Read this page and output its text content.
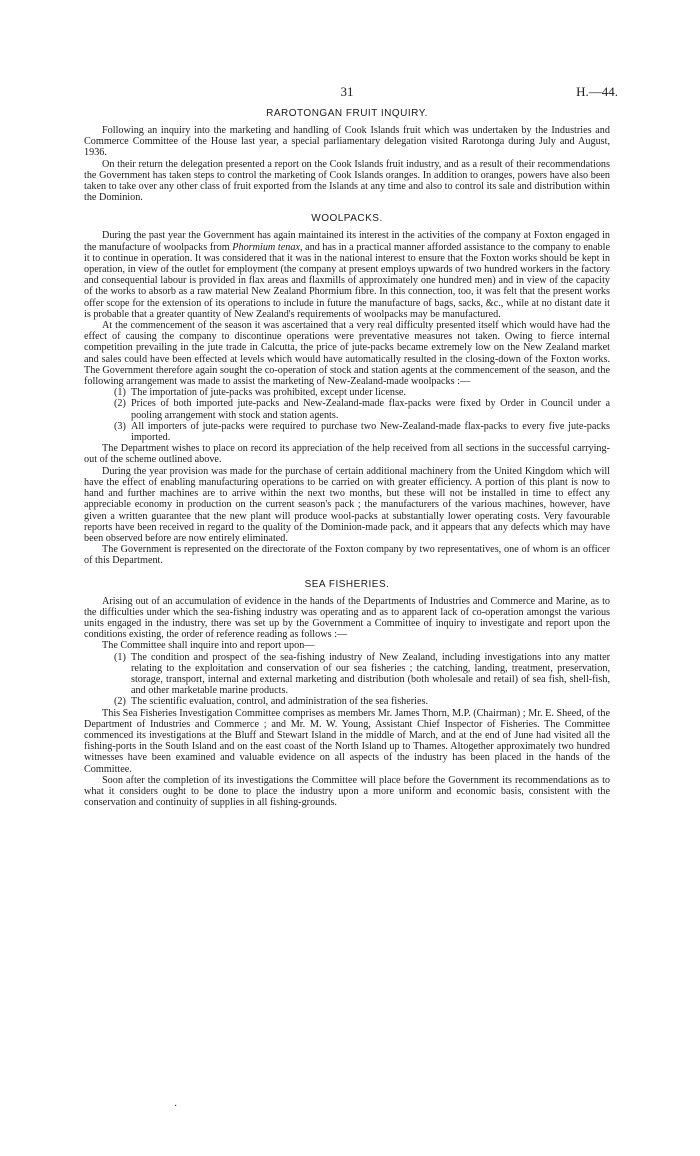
31	H.—44.
RAROTONGAN FRUIT INQUIRY.

Following an inquiry into the marketing and handling of Cook Islands fruit which was undertaken by the Industries and Commerce Committee of the House last year, a special parliamentary delegation visited Rarotonga during July and August, 1936.

On their return the delegation presented a report on the Cook Islands fruit industry, and as a result of their recommendations the Government has taken steps to control the marketing of Cook Islands oranges. In addition to oranges, powers have also been taken to take over any other class of fruit exported from the Islands at any time and also to control its sale and distribution within the Dominion.

WOOLPACKS.

During the past year the Government has again maintained its interest in the activities of the company at Foxton engaged in the manufacture of woolpacks from Phormium tenax, and has in a practical manner afforded assistance to the company to enable it to continue in operation. It was considered that it was in the national interest to ensure that the Foxton works should be kept in operation, in view of the outlet for employment (the company at present employs upwards of two hundred workers in the factory and consequential labour is provided in flax areas and flaxmills of approximately one hundred men) and in view of the capacity of the works to absorb as a raw material New Zealand Phormium fibre. In this connection, too, it was felt that the present works offer scope for the extension of its operations to include in future the manufacture of bags, sacks, &c., while at no distant date it is probable that a greater quantity of New Zealand's requirements of woolpacks may be manufactured.

At the commencement of the season it was ascertained that a very real difficulty presented itself which would have had the effect of causing the company to discontinue operations were preventative measures not taken. Owing to fierce internal competition prevailing in the jute trade in Calcutta, the price of jute-packs became extremely low on the New Zealand market and sales could have been effected at levels which would have automatically resulted in the closing-down of the Foxton works. The Government therefore again sought the co-operation of stock and station agents at the commencement of the season, and the following arrangement was made to assist the marketing of New-Zealand-made woolpacks :—

(1) The importation of jute-packs was prohibited, except under license.
(2) Prices of both imported jute-packs and New-Zealand-made flax-packs were fixed by Order in Council under a pooling arrangement with stock and station agents.
(3) All importers of jute-packs were required to purchase two New-Zealand-made flax-packs to every five jute-packs imported.

The Department wishes to place on record its appreciation of the help received from all sections in the successful carrying-out of the scheme outlined above.

During the year provision was made for the purchase of certain additional machinery from the United Kingdom which will have the effect of enabling manufacturing operations to be carried on with greater efficiency. A portion of this plant is now to hand and further machines are to arrive within the next two months, but these will not be installed in time to effect any appreciable economy in production on the current season's pack ; the manufacturers of the various machines, however, have given a written guarantee that the new plant will produce wool-packs at substantially lower operating costs. Very favourable reports have been received in regard to the quality of the Dominion-made pack, and it appears that any defects which may have been observed before are now entirely eliminated.

The Government is represented on the directorate of the Foxton company by two representatives, one of whom is an officer of this Department.

SEA FISHERIES.

Arising out of an accumulation of evidence in the hands of the Departments of Industries and Commerce and Marine, as to the difficulties under which the sea-fishing industry was operating and as to apparent lack of co-operation amongst the various units engaged in the industry, there was set up by the Government a Committee of inquiry to investigate and report upon the conditions existing, the order of reference reading as follows :—

The Committee shall inquire into and report upon—

(1) The condition and prospect of the sea-fishing industry of New Zealand, including investigations into any matter relating to the exploitation and conservation of our sea fisheries ; the catching, landing, treatment, preservation, storage, transport, internal and external marketing and distribution (both wholesale and retail) of sea fish, shell-fish, and other marketable marine products.
(2) The scientific evaluation, control, and administration of the sea fisheries.

This Sea Fisheries Investigation Committee comprises as members Mr. James Thorn, M.P. (Chairman) ; Mr. E. Sheed, of the Department of Industries and Commerce ; and Mr. M. W. Young, Assistant Chief Inspector of Fisheries. The Committee commenced its investigations at the Bluff and Stewart Island in the middle of March, and at the end of June had visited all the fishing-ports in the South Island and on the east coast of the North Island up to Thames. Altogether approximately two hundred witnesses have been examined and valuable evidence on all aspects of the industry has been placed in the hands of the Committee.

Soon after the completion of its investigations the Committee will place before the Government its recommendations as to what it considers ought to be done to place the industry upon a more uniform and economic basis, consistent with the conservation and continuity of supplies in all fishing-grounds.

·
